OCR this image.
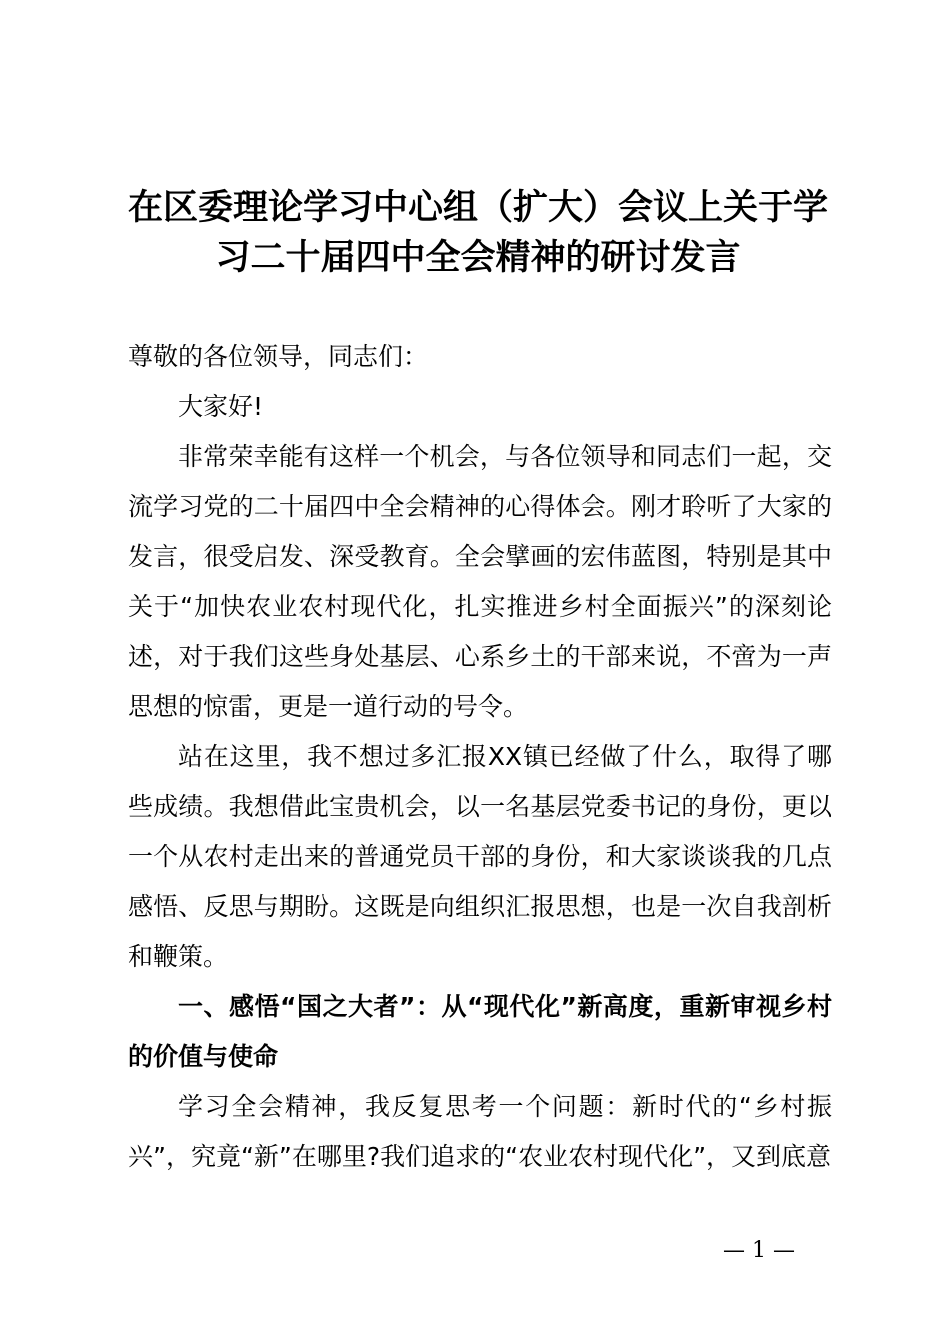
在区委理论学习中心组（扩大）会议上关于学
习二十届四中全会精神的研讨发言

尊敬的各位领导，同志们：

大家好!

非常荣幸能有这样一个机会，与各位领导和同志们一起，交流学习党的二十届四中全会精神的心得体会。刚才聆听了大家的发言，很受启发、深受教育。全会擘画的宏伟蓝图，特别是其中关于“加快农业农村现代化，扎实推进乡村全面振兴”的深刻论述，对于我们这些身处基层、心系乡土的干部来说，不啻为一声思想的惊雷，更是一道行动的号令。

站在这里，我不想过多汇报XX镇已经做了什么，取得了哪些成绩。我想借此宝贵机会，以一名基层党委书记的身份，更以一个从农村走出来的普通党员干部的身份，和大家谈谈我的几点感悟、反思与期盼。这既是向组织汇报思想，也是一次自我剖析和鞭策。

一、感悟“国之大者”：从“现代化”新高度，重新审视乡村的价值与使命

学习全会精神，我反复思考一个问题：新时代的“乡村振兴”，究竟“新”在哪里?我们追求的“农业农村现代化”，又到底意

— 1 —
